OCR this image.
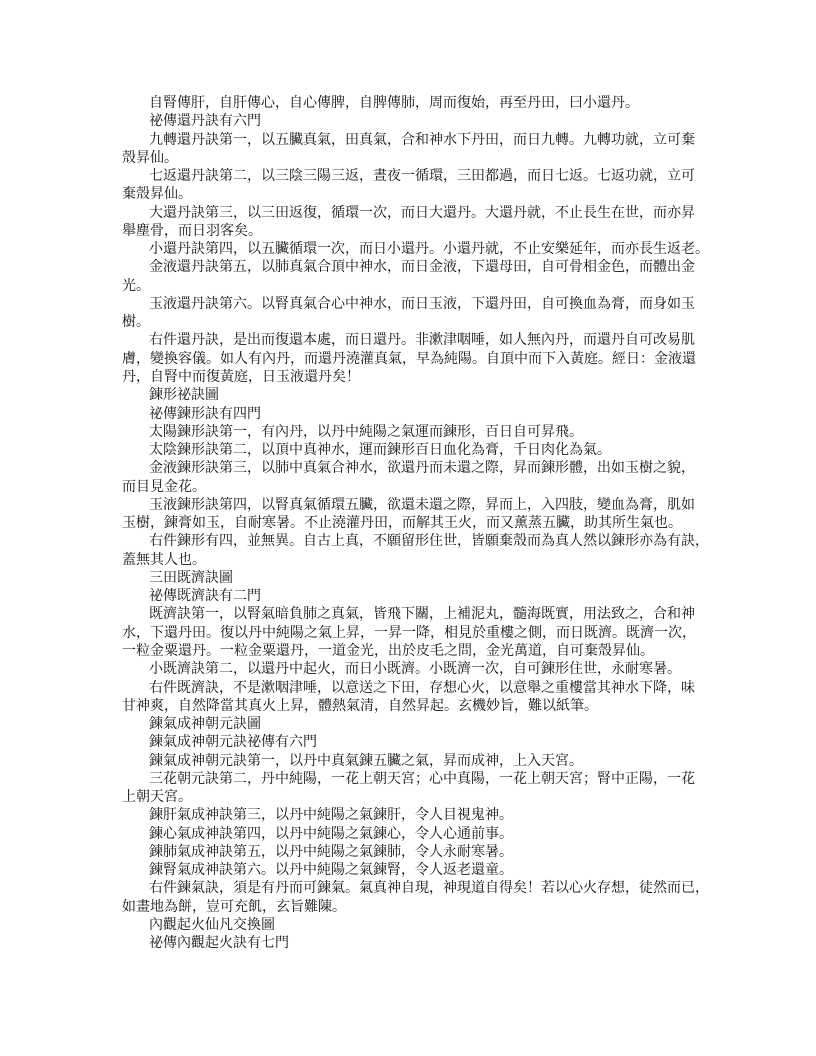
自腎傳肝，自肝傳心，自心傳脾，自脾傳肺，周而復始，再至丹田，曰小還丹。
祕傳還丹訣有六門
九轉還丹訣第一，以五臟真氣，田真氣，合和神水下丹田，而日九轉。九轉功就，立可棄
殼昇仙。
七返還丹訣第二，以三陰三陽三返，晝夜一循環，三田都過，而日七返。七返功就，立可
棄殼昇仙。
大還丹訣第三，以三田返復，循環一次，而日大還丹。大還丹就，不止長生在世，而亦昇
舉塵骨，而日羽客矣。
小還丹訣第四，以五臟循環一次，而日小還丹。小還丹就，不止安樂延年，而亦長生返老。
金液還丹訣第五，以肺真氣合頂中神水，而日金液，下還母田，自可骨相金色，而體出金
光。
玉液還丹訣第六。以腎真氣合心中神水，而日玉液，下還丹田，自可換血為膏，而身如玉
樹。
右件還丹訣，是出而復還本處，而日還丹。非漱津咽唾，如人無內丹，而還丹自可改易肌
膚，變換容儀。如人有內丹，而還丹澆灌真氣，早為純陽。自頂中而下入黃庭。經日：金液還
丹，自腎中而復黃庭，日玉液還丹矣！
鍊形祕訣圖
祕傳鍊形訣有四門
太陽鍊形訣第一，有內丹，以丹中純陽之氣運而鍊形，百日自可昇飛。
太陰鍊形訣第二，以頂中真神水，運而鍊形百日血化為膏，千日肉化為氣。
金液鍊形訣第三，以肺中真氣合神水，欲還丹而未還之際，昇而鍊形體，出如玉樹之貌，
而目見金花。
玉液鍊形訣第四，以腎真氣循環五臟，欲還未還之際，昇而上，入四肢，變血為膏，肌如
玉樹，鍊膏如玉，自耐寒暑。不止澆灌丹田，而解其王火，而又薰蒸五臟，助其所生氣也。
右件鍊形有四，並無異。自古上真，不願留形住世，皆願棄殼而為真人然以鍊形亦為有訣，
蓋無其人也。
三田既濟訣圖
祕傳既濟訣有二門
既濟訣第一，以腎氣暗負肺之真氣，皆飛下關，上補泥丸，髓海既實，用法致之，合和神
水，下還丹田。復以丹中純陽之氣上昇，一昇一降，相見於重樓之側，而日既濟。既濟一次，
一粒金粟還丹。一粒金粟還丹，一道金光，出於皮毛之問，金光萬道，自可棄殼昇仙。
小既濟訣第二，以還丹中起火，而日小既濟。小既濟一次，自可鍊形住世，永耐寒暑。
右件既濟訣，不是漱咽津唾，以意送之下田，存想心火，以意舉之重樓當其神水下降，味
甘神爽，自然降當其真火上昇，體熱氣清，自然昇起。玄機妙旨，難以紙筆。
鍊氣成神朝元訣圖
鍊氣成神朝元訣祕傳有六門
鍊氣成神朝元訣第一，以丹中真氣鍊五臟之氣，昇而成神，上入天宮。
三花朝元訣第二，丹中純陽，一花上朝天宮；心中真陽，一花上朝天宮；腎中正陽，一花
上朝天宮。
鍊肝氣成神訣第三，以丹中純陽之氣鍊肝，令人目視鬼神。
鍊心氣成神訣第四，以丹中純陽之氣鍊心，令人心通前事。
鍊肺氣成神訣第五，以丹中純陽之氣鍊肺，令人永耐寒暑。
鍊腎氣成神訣第六。以丹中純陽之氣鍊腎，令人返老還童。
右件鍊氣訣，須是有丹而可鍊氣。氣真神自現，神現道自得矣！若以心火存想，徒然而已，
如畫地為餅，豈可充飢，玄旨難陳。
內觀起火仙凡交換圖
祕傳內觀起火訣有七門
